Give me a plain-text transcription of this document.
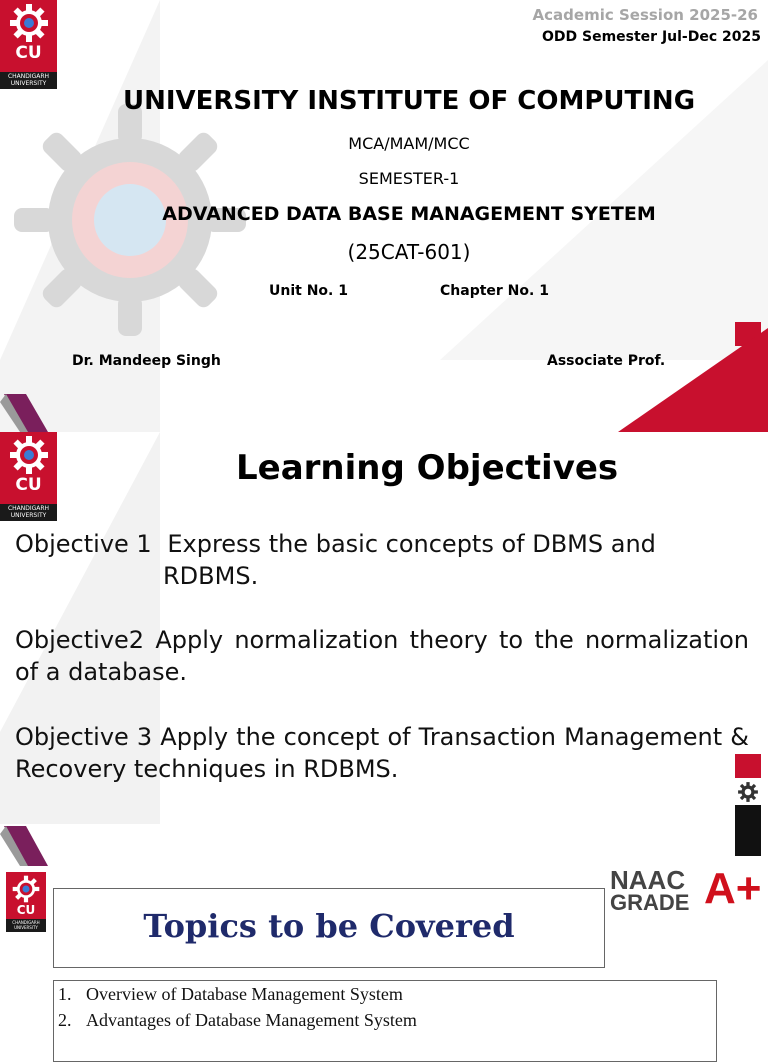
CU
CHANDIGARH UNIVERSITY
Academic Session 2025-26
ODD Semester Jul-Dec 2025
UNIVERSITY INSTITUTE OF COMPUTING
MCA/MAM/MCC
SEMESTER-1
ADVANCED DATA BASE MANAGEMENT SYETEM
(25CAT-601)
Unit No. 1	Chapter No. 1
Dr. Mandeep Singh	Associate Prof.
CU
CHANDIGARH UNIVERSITY
Learning Objectives
Objective 1 Express the basic concepts of DBMS and
RDBMS.
Objective2 Apply normalization theory to the normalization of a database.
Objective 3 Apply the concept of Transaction Management & Recovery techniques in RDBMS.
CU
CHANDIGARH UNIVERSITY	Topics to be Covered
NAAC
GRADE A+
1. Overview of Database Management System
2. Advantages of Database Management System
